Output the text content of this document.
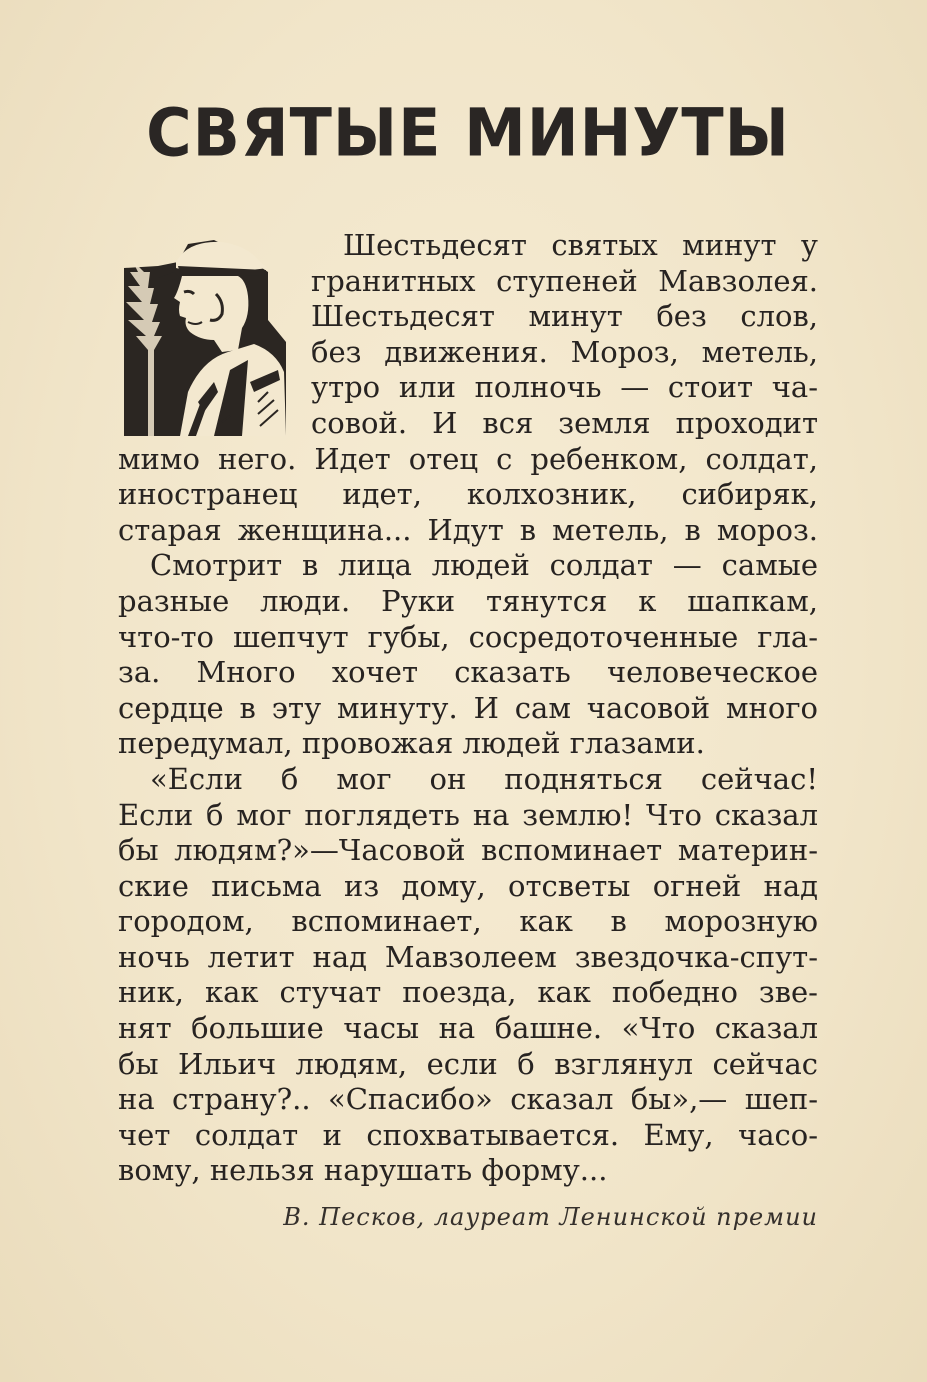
СВЯТЫЕ МИНУТЫ
Шестьдесят святых минут у
гранитных ступеней Мавзолея.
Шестьдесят минут без слов,
без движения. Мороз, метель,
утро или полночь — стоит ча-
совой. И вся земля проходит
мимо него. Идет отец с ребенком, солдат,
иностранец идет, колхозник, сибиряк,
старая женщина... Идут в метель, в мороз.
Смотрит в лица людей солдат — самые
разные люди. Руки тянутся к шапкам,
что-то шепчут губы, сосредоточенные гла-
за. Много хочет сказать человеческое
сердце в эту минуту. И сам часовой много
передумал, провожая людей глазами.
«Если б мог он подняться сейчас!
Если б мог поглядеть на землю! Что сказал
бы людям?»—Часовой вспоминает материн-
ские письма из дому, отсветы огней над
городом, вспоминает, как в морозную
ночь летит над Мавзолеем звездочка-спут-
ник, как стучат поезда, как победно зве-
нят большие часы на башне. «Что сказал
бы Ильич людям, если б взглянул сейчас
на страну?.. «Спасибо» сказал бы»,— шеп-
чет солдат и спохватывается. Ему, часо-
вому, нельзя нарушать форму...
В. Песков, лауреат Ленинской премии
